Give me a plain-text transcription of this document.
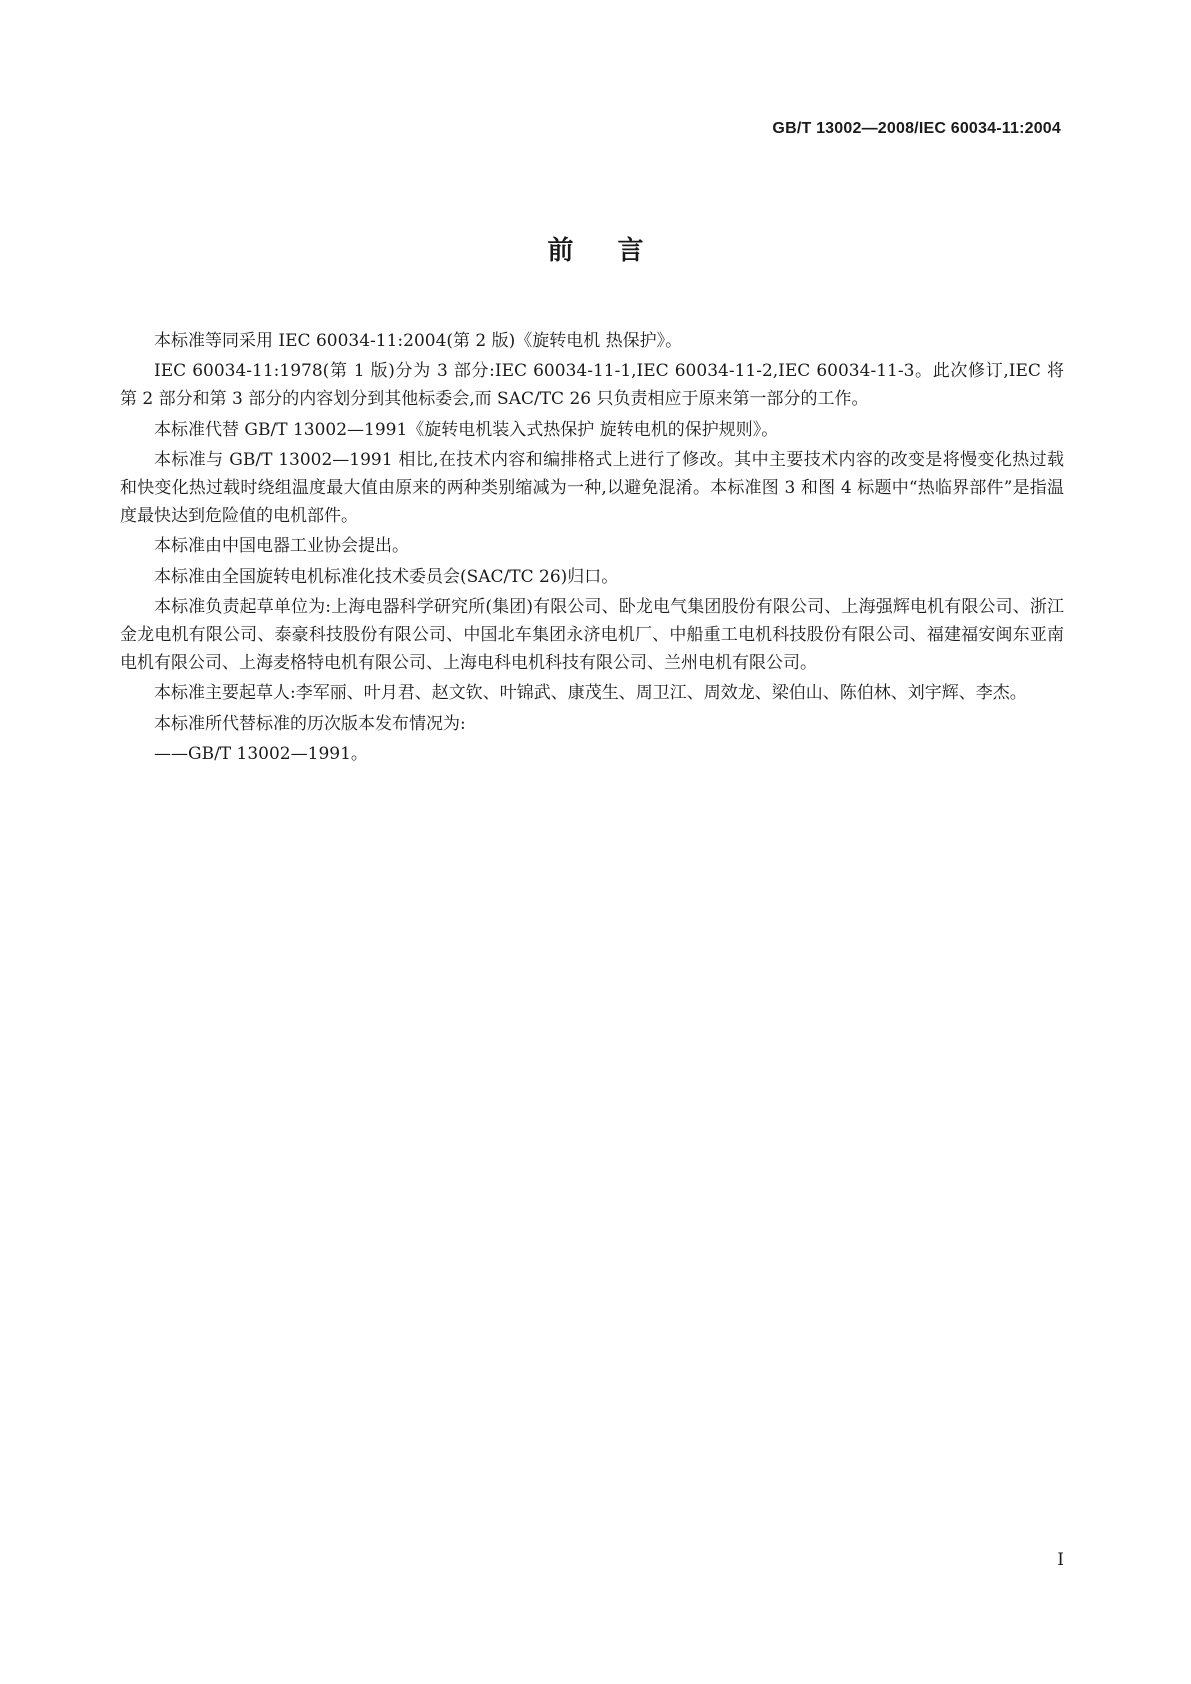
GB/T 13002—2008/IEC 60034-11:2004
前言

本标准等同采用 IEC 60034-11:2004(第 2 版)《旋转电机 热保护》。

IEC 60034-11:1978(第 1 版)分为 3 部分:IEC 60034-11-1,IEC 60034-11-2,IEC 60034-11-3。此次修订,IEC 将第 2 部分和第 3 部分的内容划分到其他标委会,而 SAC/TC 26 只负责相应于原来第一部分的工作。

本标准代替 GB/T 13002—1991《旋转电机装入式热保护 旋转电机的保护规则》。

本标准与 GB/T 13002—1991 相比,在技术内容和编排格式上进行了修改。其中主要技术内容的改变是将慢变化热过载和快变化热过载时绕组温度最大值由原来的两种类别缩减为一种,以避免混淆。本标准图 3 和图 4 标题中“热临界部件”是指温度最快达到危险值的电机部件。

本标准由中国电器工业协会提出。

本标准由全国旋转电机标准化技术委员会(SAC/TC 26)归口。

本标准负责起草单位为:上海电器科学研究所(集团)有限公司、卧龙电气集团股份有限公司、上海强辉电机有限公司、浙江金龙电机有限公司、泰豪科技股份有限公司、中国北车集团永济电机厂、中船重工电机科技股份有限公司、福建福安闽东亚南电机有限公司、上海麦格特电机有限公司、上海电科电机科技有限公司、兰州电机有限公司。

本标准主要起草人:李军丽、叶月君、赵文钦、叶锦武、康茂生、周卫江、周效龙、梁伯山、陈伯林、刘宇辉、李杰。

本标准所代替标准的历次版本发布情况为:

——GB/T 13002—1991。

I
